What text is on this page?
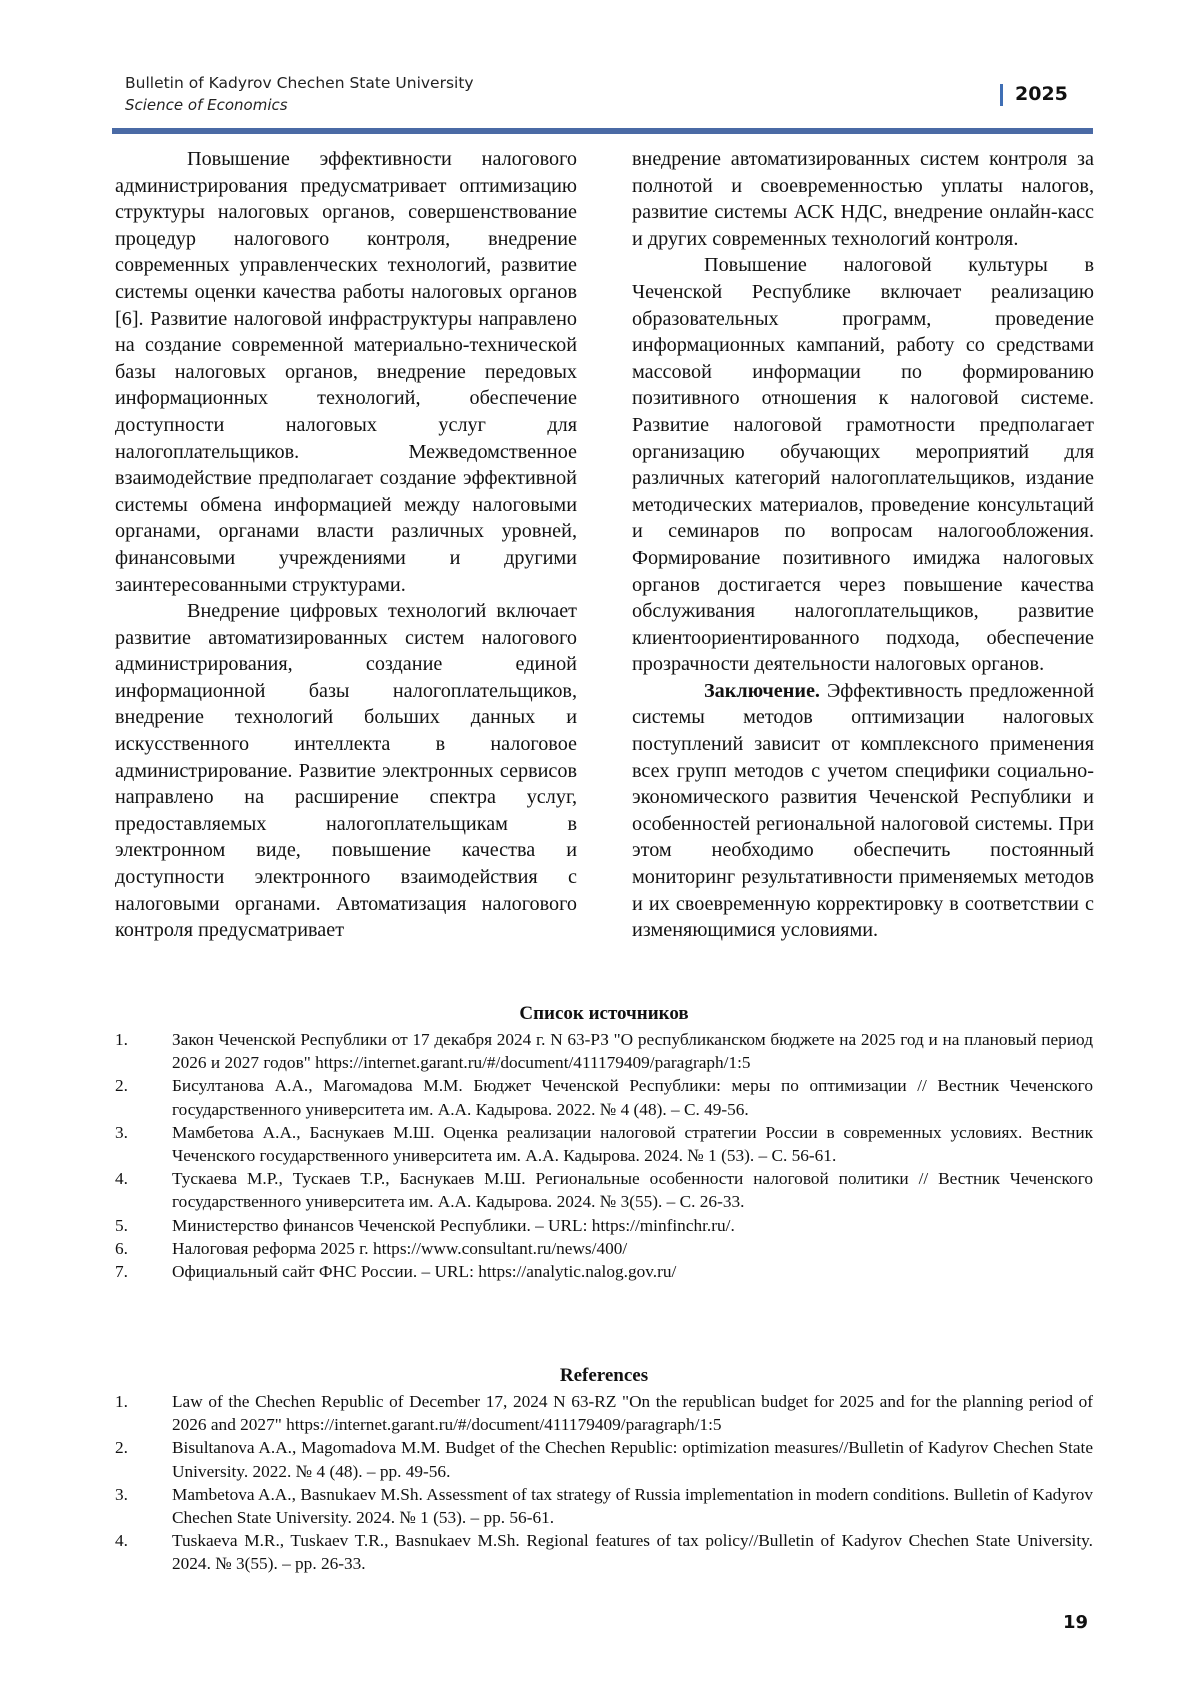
Bulletin of Kadyrov Chechen State University
Science of Economics	2025

Повышение эффективности налогового администрирования предусматривает оптимизацию структуры налоговых органов, совершенствование процедур налогового контроля, внедрение современных управленческих технологий, развитие системы оценки качества работы налоговых органов [6]. Развитие налоговой инфраструктуры направлено на создание современной материально-технической базы налоговых органов, внедрение передовых информационных технологий, обеспечение доступности налоговых услуг для налогоплательщиков. Межведомственное взаимодействие предполагает создание эффективной системы обмена информацией между налоговыми органами, органами власти различных уровней, финансовыми учреждениями и другими заинтересованными структурами.

Внедрение цифровых технологий включает развитие автоматизированных систем налогового администрирования, создание единой информационной базы налогоплательщиков, внедрение технологий больших данных и искусственного интеллекта в налоговое администрирование. Развитие электронных сервисов направлено на расширение спектра услуг, предоставляемых налогоплательщикам в электронном виде, повышение качества и доступности электронного взаимодействия с налоговыми органами. Автоматизация налогового контроля предусматривает

внедрение автоматизированных систем контроля за полнотой и своевременностью уплаты налогов, развитие системы АСК НДС, внедрение онлайн-касс и других современных технологий контроля.

Повышение налоговой культуры в Чеченской Республике включает реализацию образовательных программ, проведение информационных кампаний, работу со средствами массовой информации по формированию позитивного отношения к налоговой системе. Развитие налоговой грамотности предполагает организацию обучающих мероприятий для различных категорий налогоплательщиков, издание методических материалов, проведение консультаций и семинаров по вопросам налогообложения. Формирование позитивного имиджа налоговых органов достигается через повышение качества обслуживания налогоплательщиков, развитие клиентоориентированного подхода, обеспечение прозрачности деятельности налоговых органов.

Заключение. Эффективность предложенной системы методов оптимизации налоговых поступлений зависит от комплексного применения всех групп методов с учетом специфики социально-экономического развития Чеченской Республики и особенностей региональной налоговой системы. При этом необходимо обеспечить постоянный мониторинг результативности применяемых методов и их своевременную корректировку в соответствии с изменяющимися условиями.

Список источников
1.	Закон Чеченской Республики от 17 декабря 2024 г. N 63-РЗ "О республиканском бюджете на 2025 год и на плановый период 2026 и 2027 годов" https://internet.garant.ru/#/document/411179409/paragraph/1:5
2.	Бисултанова А.А., Магомадова М.М. Бюджет Чеченской Республики: меры по оптимизации // Вестник Чеченского государственного университета им. А.А. Кадырова. 2022. № 4 (48). – С. 49-56.
3.	Мамбетова А.А., Баснукаев М.Ш. Оценка реализации налоговой стратегии России в современных условиях. Вестник Чеченского государственного университета им. А.А. Кадырова. 2024. № 1 (53). – С. 56-61.
4.	Тускаева М.Р., Тускаев Т.Р., Баснукаев М.Ш. Региональные особенности налоговой политики // Вестник Чеченского государственного университета им. А.А. Кадырова. 2024. № 3(55). – С. 26-33.
5.	Министерство финансов Чеченской Республики. – URL: https://minfinchr.ru/.
6.	Налоговая реформа 2025 г. https://www.consultant.ru/news/400/
7.	Официальный сайт ФНС России. – URL: https://analytic.nalog.gov.ru/
References
1.	Law of the Chechen Republic of December 17, 2024 N 63-RZ "On the republican budget for 2025 and for the planning period of 2026 and 2027" https://internet.garant.ru/#/document/411179409/paragraph/1:5
2.	Bisultanova A.A., Magomadova M.M. Budget of the Chechen Republic: optimization measures//Bulletin of Kadyrov Chechen State University. 2022. № 4 (48). – pp. 49-56.
3.	Mambetova A.A., Basnukaev M.Sh. Assessment of tax strategy of Russia implementation in modern conditions. Bulletin of Kadyrov Chechen State University. 2024. № 1 (53). – pp. 56-61.
4.	Tuskaeva M.R., Tuskaev T.R., Basnukaev M.Sh. Regional features of tax policy//Bulletin of Kadyrov Chechen State University. 2024. № 3(55). – pp. 26-33.
19
